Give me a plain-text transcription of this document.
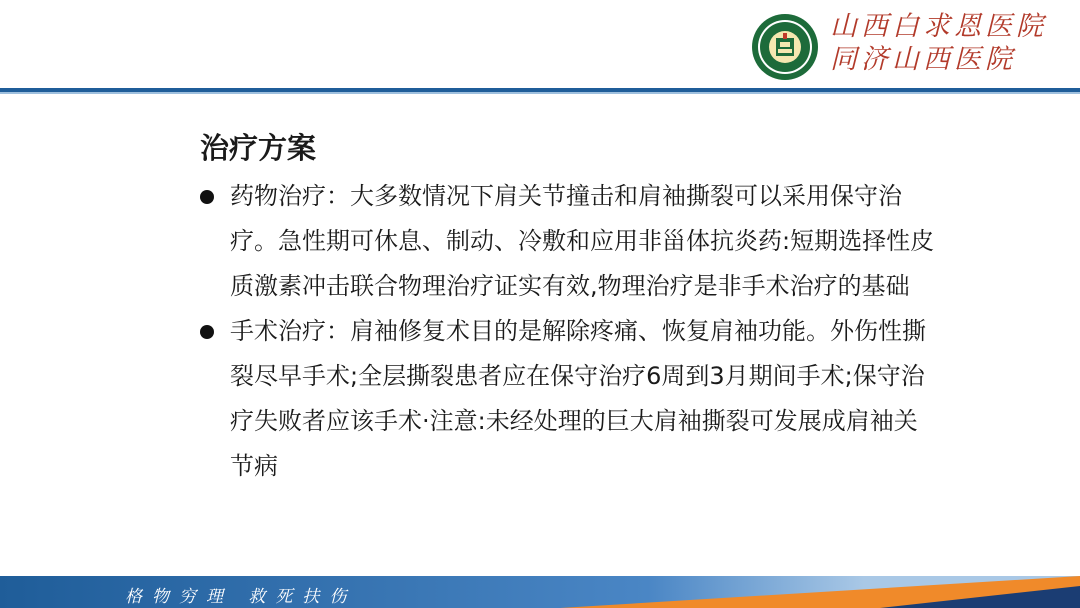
山西白求恩医院
同济山西医院
治疗方案
药物治疗：大多数情况下肩关节撞击和肩袖撕裂可以采用保守治疗。急性期可休息、制动、冷敷和应用非甾体抗炎药:短期选择性皮质激素冲击联合物理治疗证实有效,物理治疗是非手术治疗的基础
手术治疗：肩袖修复术目的是解除疼痛、恢复肩袖功能。外伤性撕裂尽早手术;全层撕裂患者应在保守治疗6周到3月期间手术;保守治疗失败者应该手术·注意:未经处理的巨大肩袖撕裂可发展成肩袖关节病
格物穷理 救死扶伤
